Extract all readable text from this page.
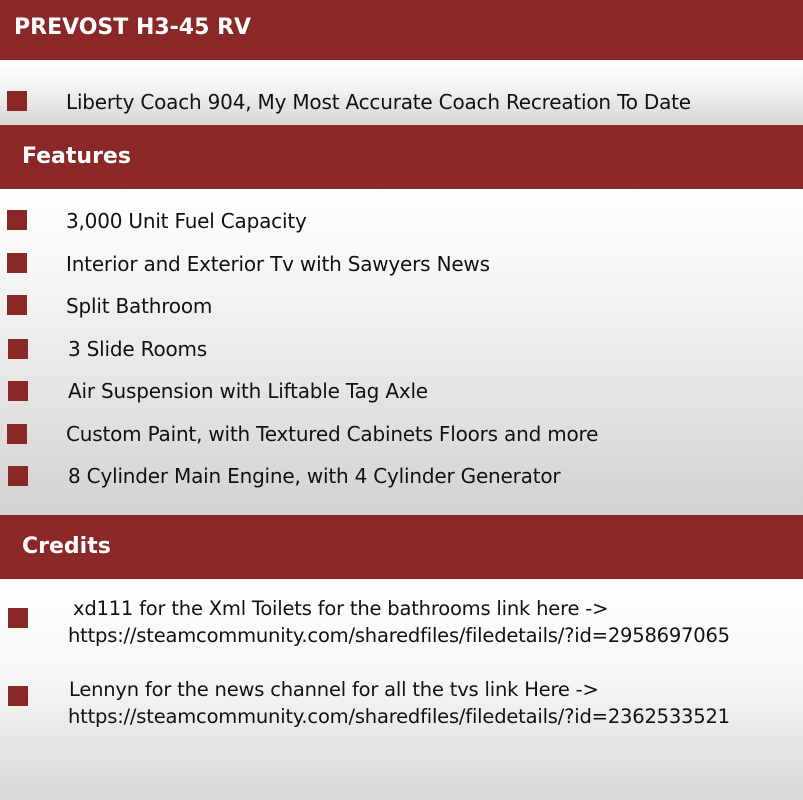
PREVOST H3-45 RV
Liberty Coach 904, My Most Accurate Coach Recreation To Date
Features
3,000 Unit Fuel Capacity
Interior and Exterior Tv with Sawyers News
Split Bathroom
3 Slide Rooms
Air Suspension with Liftable Tag Axle
Custom Paint, with Textured Cabinets Floors and more
8 Cylinder Main Engine, with 4 Cylinder Generator
Credits
xd111 for the Xml Toilets for the bathrooms link here ->
https://steamcommunity.com/sharedfiles/filedetails/?id=2958697065
Lennyn for the news channel for all the tvs link Here ->
https://steamcommunity.com/sharedfiles/filedetails/?id=2362533521
